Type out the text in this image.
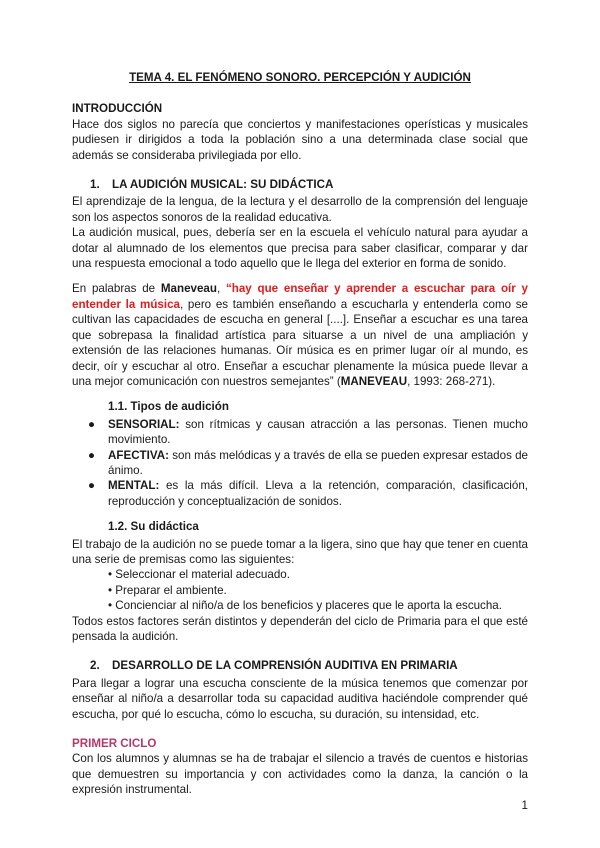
TEMA 4. EL FENÓMENO SONORO. PERCEPCIÓN Y AUDICIÓN
INTRODUCCIÓN

Hace dos siglos no parecía que conciertos y manifestaciones operísticas y musicales pudiesen ir dirigidos a toda la población sino a una determinada clase social que además se consideraba privilegiada por ello.

1. LA AUDICIÓN MUSICAL: SU DIDÁCTICA

El aprendizaje de la lengua, de la lectura y el desarrollo de la comprensión del lenguaje son los aspectos sonoros de la realidad educativa.

La audición musical, pues, debería ser en la escuela el vehículo natural para ayudar a dotar al alumnado de los elementos que precisa para saber clasificar, comparar y dar una respuesta emocional a todo aquello que le llega del exterior en forma de sonido.

En palabras de Maneveau, “hay que enseñar y aprender a escuchar para oír y entender la música, pero es también enseñando a escucharla y entenderla como se cultivan las capacidades de escucha en general [....]. Enseñar a escuchar es una tarea que sobrepasa la finalidad artística para situarse a un nivel de una ampliación y extensión de las relaciones humanas. Oír música es en primer lugar oír al mundo, es decir, oír y escuchar al otro. Enseñar a escuchar plenamente la música puede llevar a una mejor comunicación con nuestros semejantes” (MANEVEAU, 1993: 268-271).

1.1. Tipos de audición
● SENSORIAL: son rítmicas y causan atracción a las personas. Tienen mucho movimiento.
● AFECTIVA: son más melódicas y a través de ella se pueden expresar estados de ánimo.
● MENTAL: es la más difícil. Lleva a la retención, comparación, clasificación, reproducción y conceptualización de sonidos.
1.2. Su didáctica

El trabajo de la audición no se puede tomar a la ligera, sino que hay que tener en cuenta una serie de premisas como las siguientes:

• Seleccionar el material adecuado.
• Preparar el ambiente.
• Concienciar al niño/a de los beneficios y placeres que le aporta la escucha.

Todos estos factores serán distintos y dependerán del ciclo de Primaria para el que esté pensada la audición.

2. DESARROLLO DE LA COMPRENSIÓN AUDITIVA EN PRIMARIA

Para llegar a lograr una escucha consciente de la música tenemos que comenzar por enseñar al niño/a a desarrollar toda su capacidad auditiva haciéndole comprender qué escucha, por qué lo escucha, cómo lo escucha, su duración, su intensidad, etc.

PRIMER CICLO

Con los alumnos y alumnas se ha de trabajar el silencio a través de cuentos e historias que demuestren su importancia y con actividades como la danza, la canción o la expresión instrumental.

1
